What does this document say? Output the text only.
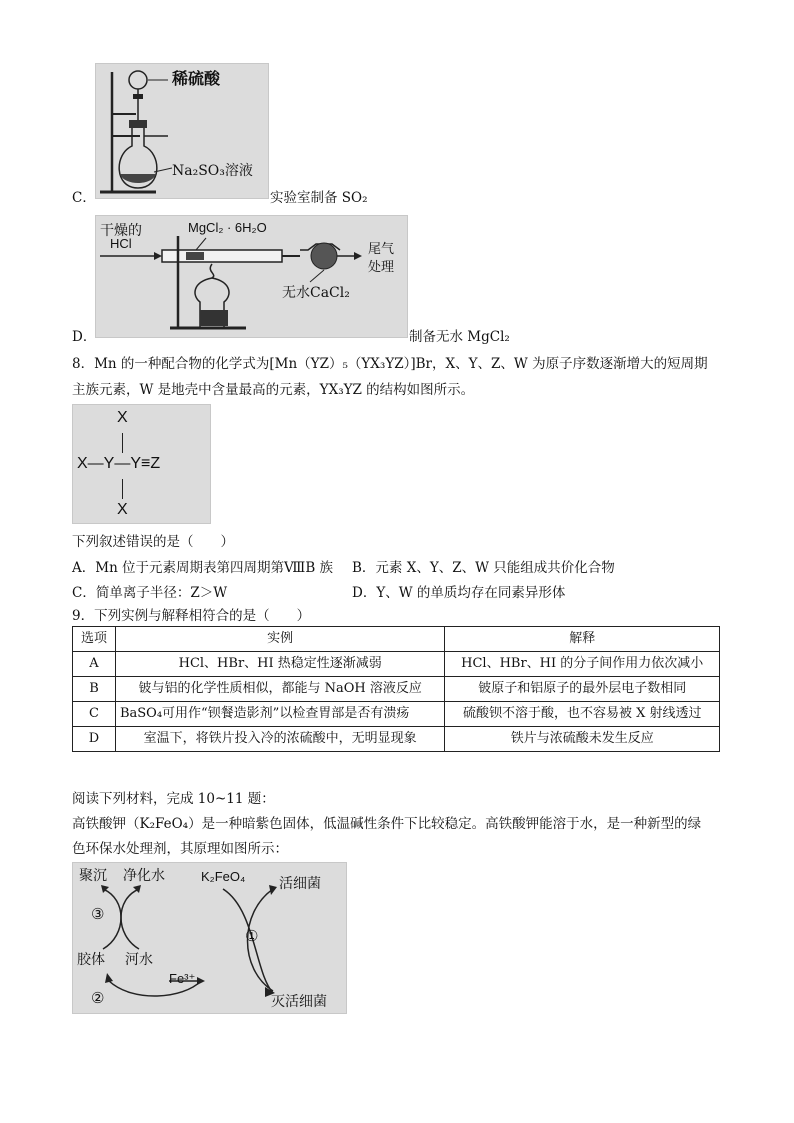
稀硫酸
Na₂SO₃溶液
C．	实验室制备 SO₂
干燥的
HCl
MgCl₂ · 6H₂O
尾气
处理
无水CaCl₂
D．	制备无水 MgCl₂
8．Mn 的一种配合物的化学式为[Mn（YZ）₅（YX₃YZ）]Br，X、Y、Z、W 为原子序数逐渐增大的短周期
主族元素，W 是地壳中含量最高的元素，YX₃YZ 的结构如图所示。
X
X—Y—Y≡Z
X
下列叙述错误的是（　　）
A．Mn 位于元素周期表第四周期第ⅧB 族 B．元素 X、Y、Z、W 只能组成共价化合物
C．简单离子半径：Z＞W	D．Y、W 的单质均存在同素异形体
9．下列实例与解释相符合的是（　　）
选项	实例	解释
A	HCl、HBr、HI 热稳定性逐渐减弱	HCl、HBr、HI 的分子间作用力依次减小
B	铍与铝的化学性质相似，都能与 NaOH 溶液反应	铍原子和铝原子的最外层电子数相同
C	BaSO₄可用作“钡餐造影剂”以检查胃部是否有溃疡	硫酸钡不溶于酸，也不容易被 X 射线透过
D	室温下，将铁片投入冷的浓硫酸中，无明显现象	铁片与浓硫酸未发生反应
阅读下列材料，完成 10~11 题：
高铁酸钾（K₂FeO₄）是一种暗紫色固体，低温碱性条件下比较稳定。高铁酸钾能溶于水，是一种新型的绿
色环保水处理剂，其原理如图所示：
聚沉 净化水	K₂FeO₄ 活细菌
③
①
胶体 河水
Fe³⁺
②	灭活细菌
